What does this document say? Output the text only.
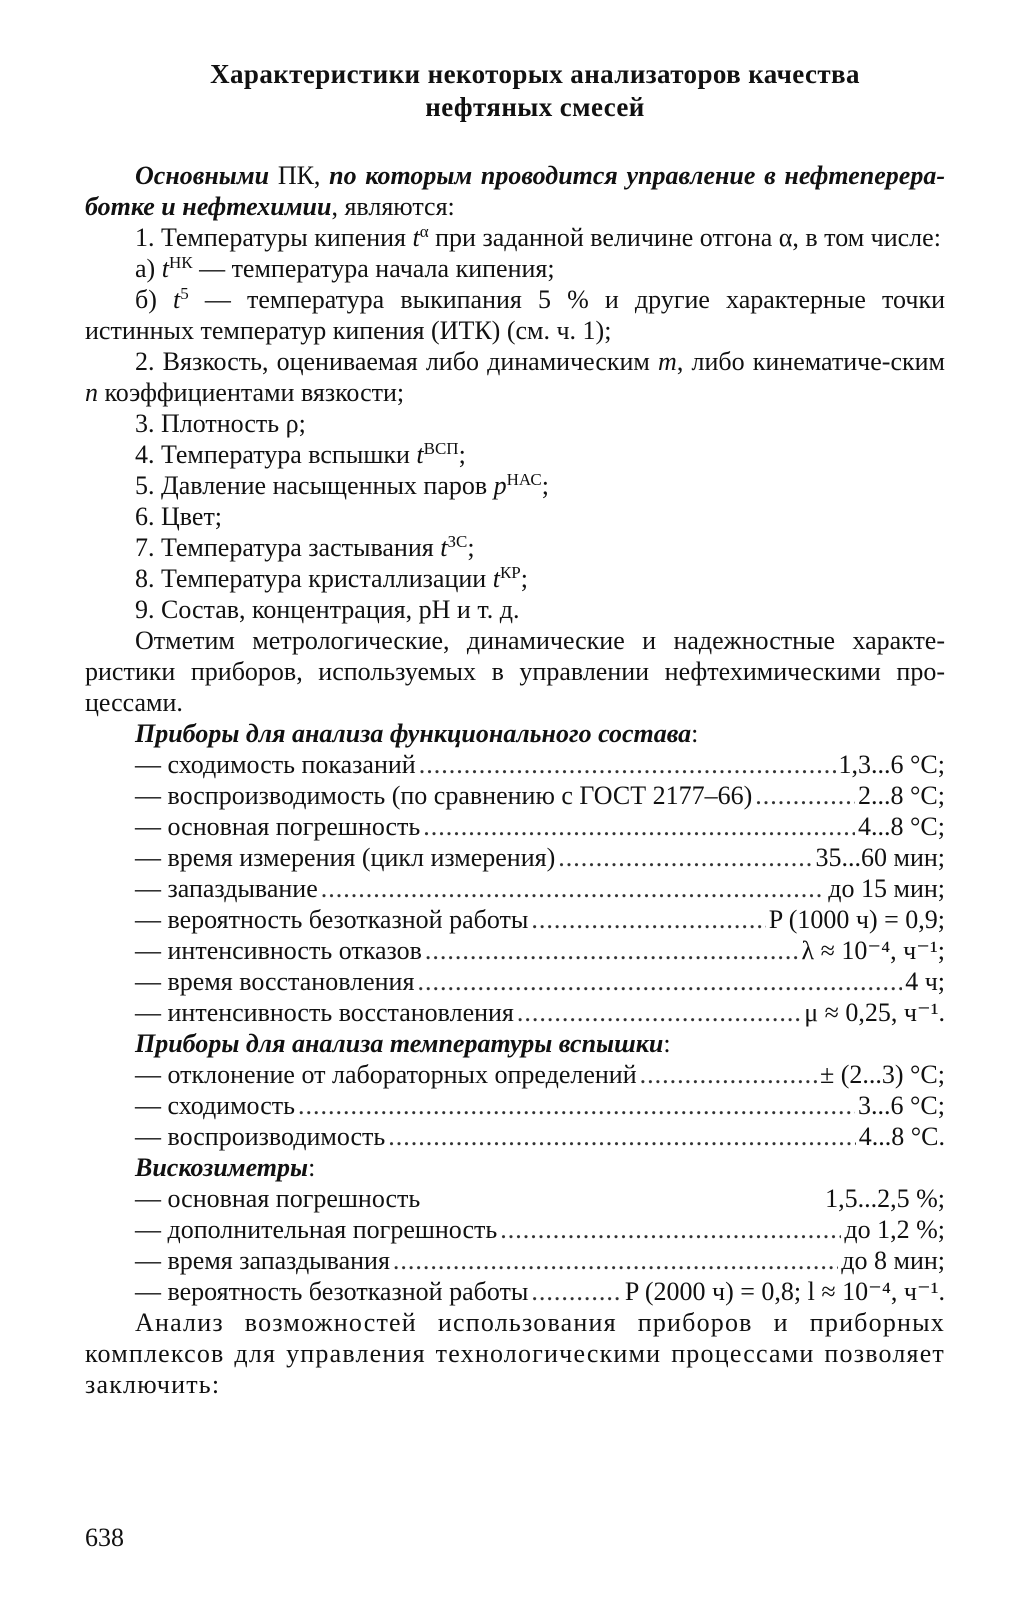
Характеристики некоторых анализаторов качества
нефтяных смесей

Основными ПК, по которым проводится управление в нефтеперера-ботке и нефтехимии, являются:

1. Температуры кипения $t^\alpha$ при заданной величине отгона α, в том числе:

а) $t^{НК}$ — температура начала кипения;

б) $t^5$ — температура выкипания 5 % и другие характерные точки истинных температур кипения (ИТК) (см. ч. 1);

2. Вязкость, оцениваемая либо динамическим m, либо кинематиче-ским n коэффициентами вязкости;

3. Плотность ρ;

4. Температура вспышки $t^{ВСП}$;

5. Давление насыщенных паров $p^{НАС}$;

6. Цвет;

7. Температура застывания $t^{ЗС}$;

8. Температура кристаллизации $t^{КР}$;

9. Состав, концентрация, pH и т. д.

Отметим метрологические, динамические и надежностные характе-ристики приборов, используемых в управлении нефтехимическими про-цессами.

Приборы для анализа функционального состава:

— сходимость показаний .....	1,3...6 °C;
— воспроизводимость (по сравнению с ГОСТ 2177–66) .....	2...8 °C;
— основная погрешность .....	4...8 °C;
— время измерения (цикл измерения) .....	35...60 мин;
— запаздывание .....	до 15 мин;
— вероятность безотказной работы .....	P (1000 ч) = 0,9;
— интенсивность отказов .....	λ ≈ 10⁻⁴, ч⁻¹;
— время восстановления .....	4 ч;
— интенсивность восстановления .....	μ ≈ 0,25, ч⁻¹.

Приборы для анализа температуры вспышки:

— отклонение от лабораторных определений .....	± (2...3) °C;
— сходимость .....	3...6 °C;
— воспроизводимость .....	4...8 °C.

Вискозиметры:

— основная погрешность	1,5...2,5 %;
— дополнительная погрешность .....	до 1,2 %;
— время запаздывания .....	до 8 мин;
— вероятность безотказной работы .....	P (2000 ч) = 0,8; l ≈ 10⁻⁴, ч⁻¹.

Анализ возможностей использования приборов и приборных комплексов для управления технологическими процессами позволяет заключить:

638
